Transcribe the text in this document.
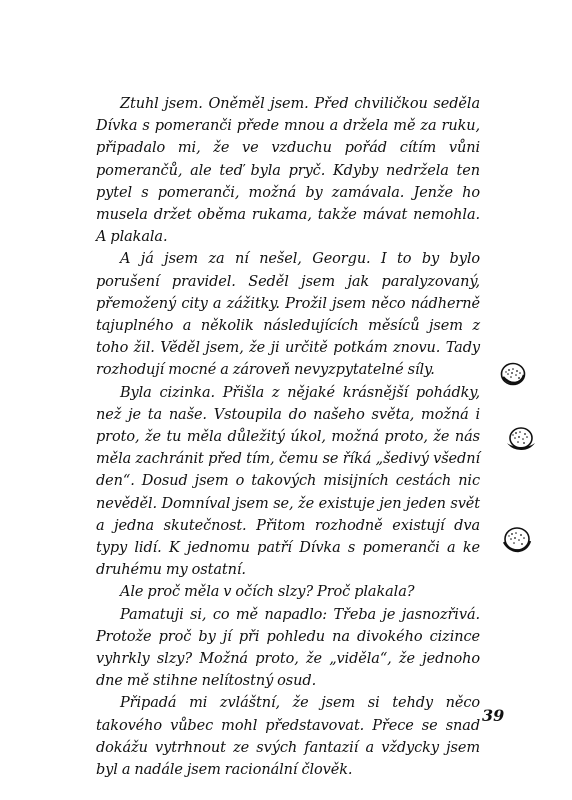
Ztuhl jsem. Oněměl jsem. Před chviličkou seděla Dívka s pomeranči přede mnou a držela mě za ruku, připadalo mi, že ve vzduchu pořád cítím vůni pomerančů, ale teď byla pryč. Kdyby nedržela ten pytel s pomeranči, možná by zamávala. Jenže ho musela držet oběma rukama, takže mávat nemohla. A plakala.

A já jsem za ní nešel, Georgu. I to by bylo porušení pravidel. Seděl jsem jak paralyzovaný, přemožený city a zážitky. Prožil jsem něco nádherně tajuplného a několik následujících měsíců jsem z toho žil. Věděl jsem, že ji určitě potkám znovu. Tady rozhodují mocné a zároveň nevyzpytatelné síly.

Byla cizinka. Přišla z nějaké krásnější pohádky, než je ta naše. Vstoupila do našeho světa, možná i proto, že tu měla důležitý úkol, možná proto, že nás měla zachránit před tím, čemu se říká „šedivý všední den“. Dosud jsem o takových misijních cestách nic nevěděl. Domníval jsem se, že existuje jen jeden svět a jedna skutečnost. Přitom rozhodně existují dva typy lidí. K jednomu patří Dívka s pomeranči a ke druhému my ostatní.

Ale proč měla v očích slzy? Proč plakala?

Pamatuji si, co mě napadlo: Třeba je jasnozřivá. Protože proč by jí při pohledu na divokého cizince vyhrkly slzy? Možná proto, že „viděla“, že jednoho dne mě stihne nelítostný osud.

Připadá mi zvláštní, že jsem si tehdy něco takového vůbec mohl představovat. Přece se snad dokážu vytrhnout ze svých fantazií a vždycky jsem byl a nadále jsem racionální člověk.

39
